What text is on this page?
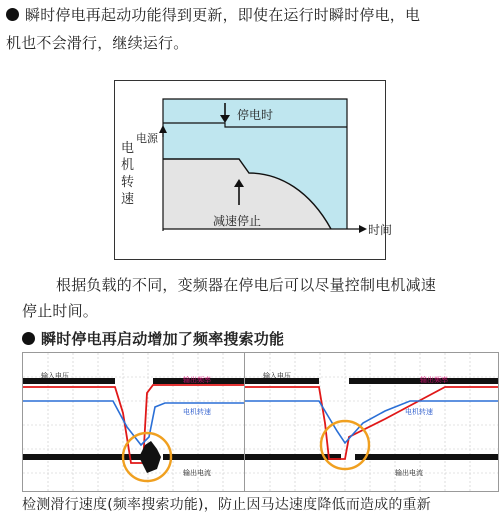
瞬时停电再起动功能得到更新，即使在运行时瞬时停电，电
机也不会滑行，继续运行。
电
机
转
速
电源
停电时
减速停止
时间
根据负载的不同，变频器在停电后可以尽量控制电机减速
停止时间。
瞬时停电再启动增加了频率搜索功能
输入电压	输出频率
电机转速
输出电流
输入电压	输出频率
电机转速
输出电流
检测滑行速度(频率搜索功能)，防止因马达速度降低而造成的重新
